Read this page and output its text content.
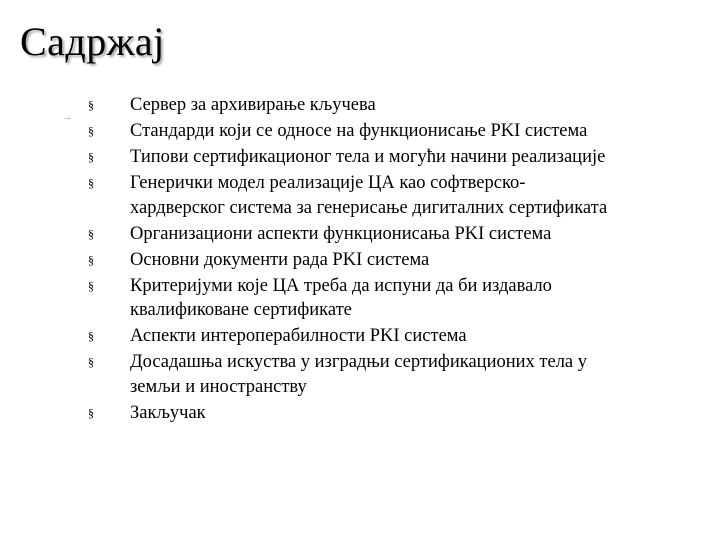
Садржај
→
§	Сервер за архивирање кључева
§	Стандарди који се односе на функционисање PKI система
§	Типови сертификационог тела и могући начини реализације
§	Генерички модел реализације ЦА као софтверско-
хардверског система за генерисање дигиталних сертификата
§	Организациони аспекти функционисања PKI система
§	Основни документи рада PKI система
§	Критеријуми које ЦА треба да испуни да би издавало
квалификоване сертификате
§	Аспекти интероперабилности PKI система
§	Досадашња искуства у изградњи сертификационих тела у
земљи и иностранству
§	Закључак
